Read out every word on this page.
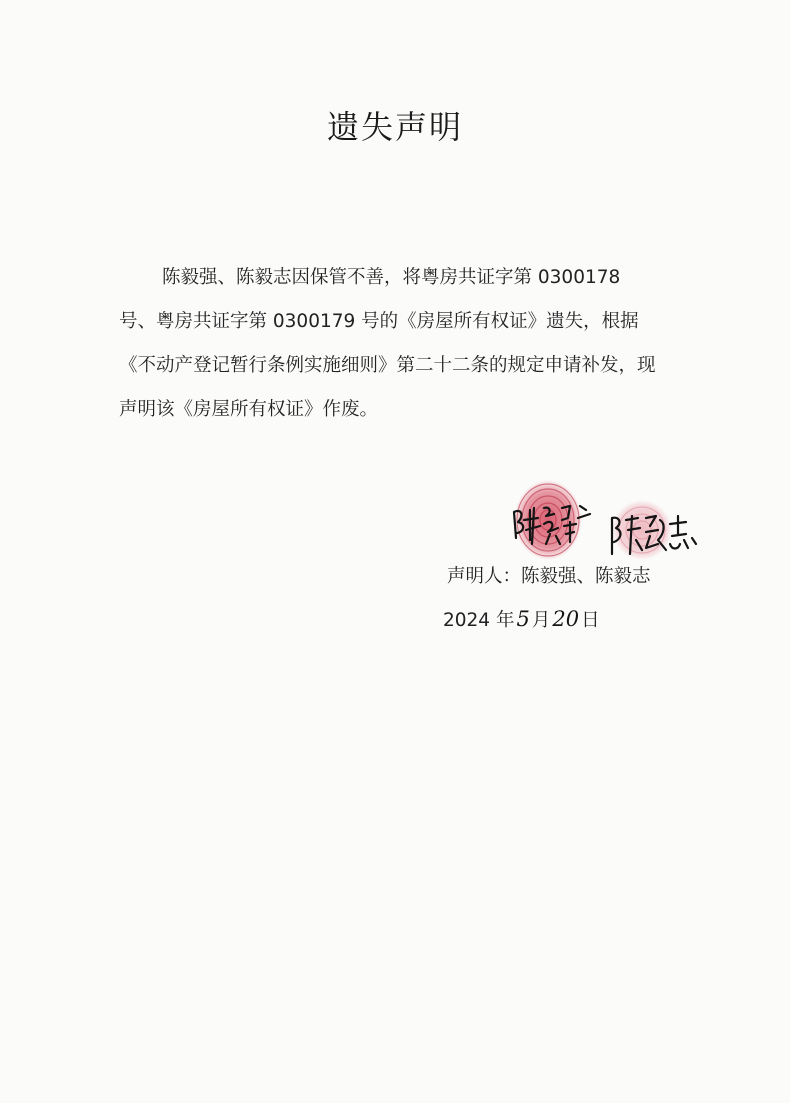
遗失声明
陈毅强、陈毅志因保管不善，将粤房共证字第 0300178
号、粤房共证字第 0300179 号的《房屋所有权证》遗失，根据
《不动产登记暂行条例实施细则》第二十二条的规定申请补发，现
声明该《房屋所有权证》作废。
声明人：陈毅强、陈毅志
2024 年 5 月 20 日
